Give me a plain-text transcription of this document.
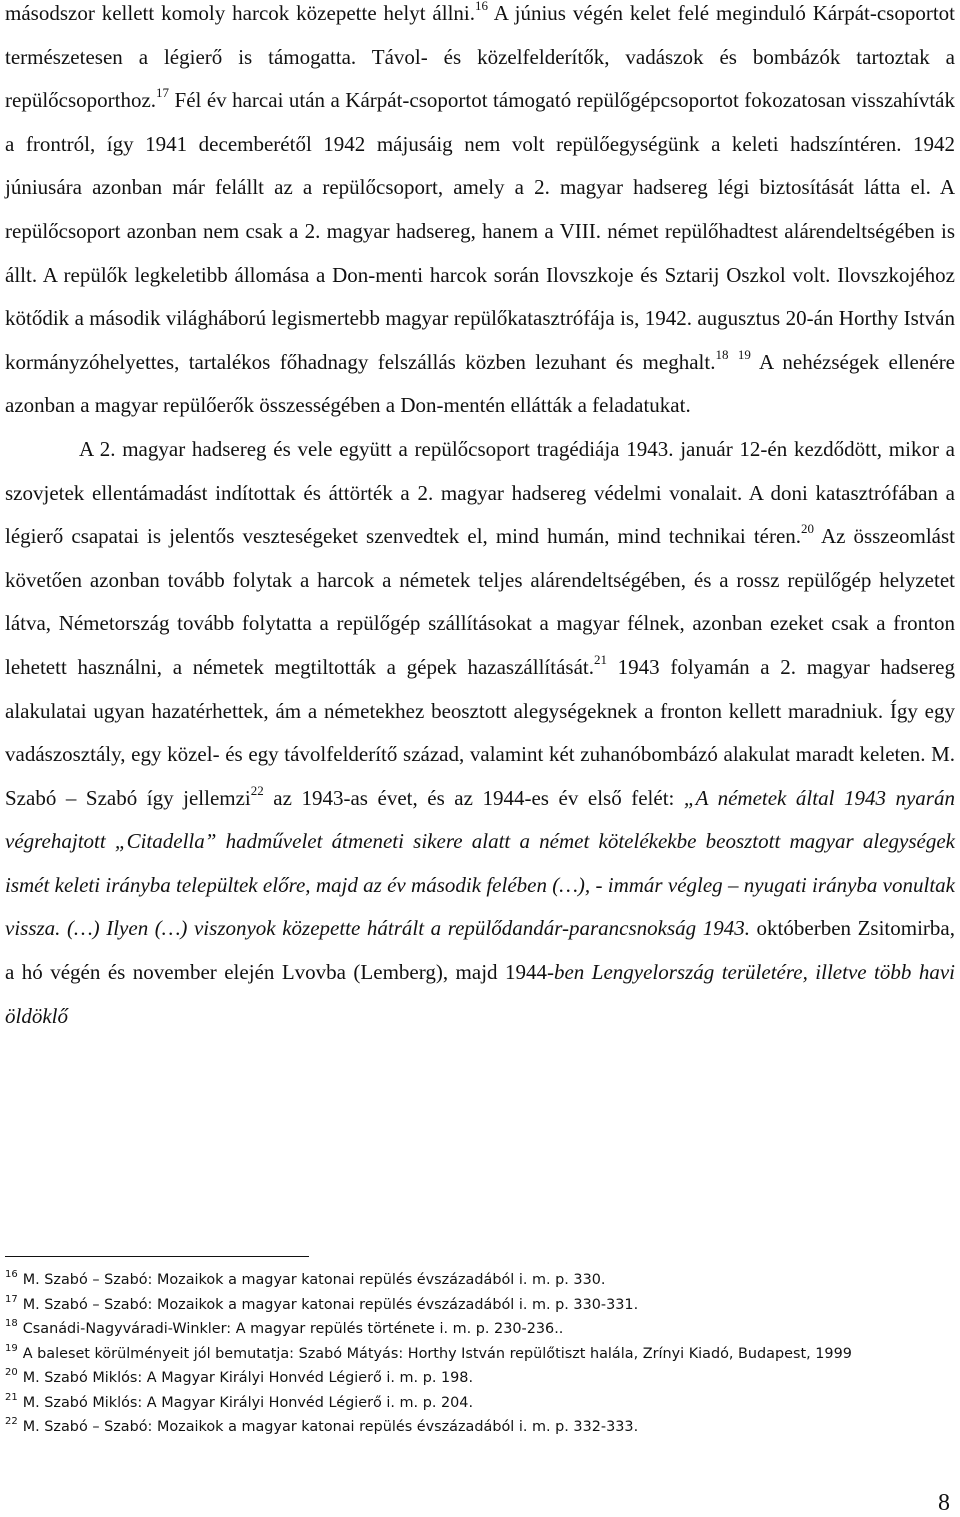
másodszor kellett komoly harcok közepette helyt állni.$^{16}$ A június végén kelet felé meginduló Kárpát-csoportot természetesen a légierő is támogatta. Távol- és közelfelderítők, vadászok és bombázók tartoztak a repülőcsoporthoz.$^{17}$ Fél év harcai után a Kárpát-csoportot támogató repülőgépcsoportot fokozatosan visszahívták a frontról, így 1941 decemberétől 1942 májusáig nem volt repülőegységünk a keleti hadszíntéren. 1942 júniusára azonban már felállt az a repülőcsoport, amely a 2. magyar hadsereg légi biztosítását látta el. A repülőcsoport azonban nem csak a 2. magyar hadsereg, hanem a VIII. német repülőhadtest alárendeltségében is állt. A repülők legkeletibb állomása a Don-menti harcok során Ilovszkoje és Sztarij Oszkol volt. Ilovszkojéhoz kötődik a második világháború legismertebb magyar repülőkatasztrófája is, 1942. augusztus 20-án Horthy István kormányzóhelyettes, tartalékos főhadnagy felszállás közben lezuhant és meghalt.$^{18}$ $^{19}$ A nehézségek ellenére azonban a magyar repülőerők összességében a Don-mentén ellátták a feladatukat.

A 2. magyar hadsereg és vele együtt a repülőcsoport tragédiája 1943. január 12-én kezdődött, mikor a szovjetek ellentámadást indítottak és áttörték a 2. magyar hadsereg védelmi vonalait. A doni katasztrófában a légierő csapatai is jelentős veszteségeket szenvedtek el, mind humán, mind technikai téren.$^{20}$ Az összeomlást követően azonban tovább folytak a harcok a németek teljes alárendeltségében, és a rossz repülőgép helyzetet látva, Németország tovább folytatta a repülőgép szállításokat a magyar félnek, azonban ezeket csak a fronton lehetett használni, a németek megtiltották a gépek hazaszállítását.$^{21}$ 1943 folyamán a 2. magyar hadsereg alakulatai ugyan hazatérhettek, ám a németekhez beosztott alegységeknek a fronton kellett maradniuk. Így egy vadászosztály, egy közel- és egy távolfelderítő század, valamint két zuhanóbombázó alakulat maradt keleten. M. Szabó – Szabó így jellemzi$^{22}$ az 1943-as évet, és az 1944-es év első felét: „A németek által 1943 nyarán végrehajtott „Citadella” hadművelet átmeneti sikere alatt a német kötelékekbe beosztott magyar alegységek ismét keleti irányba települtek előre, majd az év második felében (…), - immár végleg – nyugati irányba vonultak vissza. (…) Ilyen (…) viszonyok közepette hátrált a repülődandár-parancsnokság 1943. októberben Zsitomirba, a hó végén és november elején Lvovba (Lemberg), majd 1944-ben Lengyelország területére, illetve több havi öldöklő

$^{16}$ M. Szabó – Szabó: Mozaikok a magyar katonai repülés évszázadából i. m. p. 330.

$^{17}$ M. Szabó – Szabó: Mozaikok a magyar katonai repülés évszázadából i. m. p. 330-331.

$^{18}$ Csanádi-Nagyváradi-Winkler: A magyar repülés története i. m. p. 230-236..

$^{19}$ A baleset körülményeit jól bemutatja: Szabó Mátyás: Horthy István repülőtiszt halála, Zrínyi Kiadó, Budapest, 1999

$^{20}$ M. Szabó Miklós: A Magyar Királyi Honvéd Légierő i. m. p. 198.

$^{21}$ M. Szabó Miklós: A Magyar Királyi Honvéd Légierő i. m. p. 204.

$^{22}$ M. Szabó – Szabó: Mozaikok a magyar katonai repülés évszázadából i. m. p. 332-333.

8
